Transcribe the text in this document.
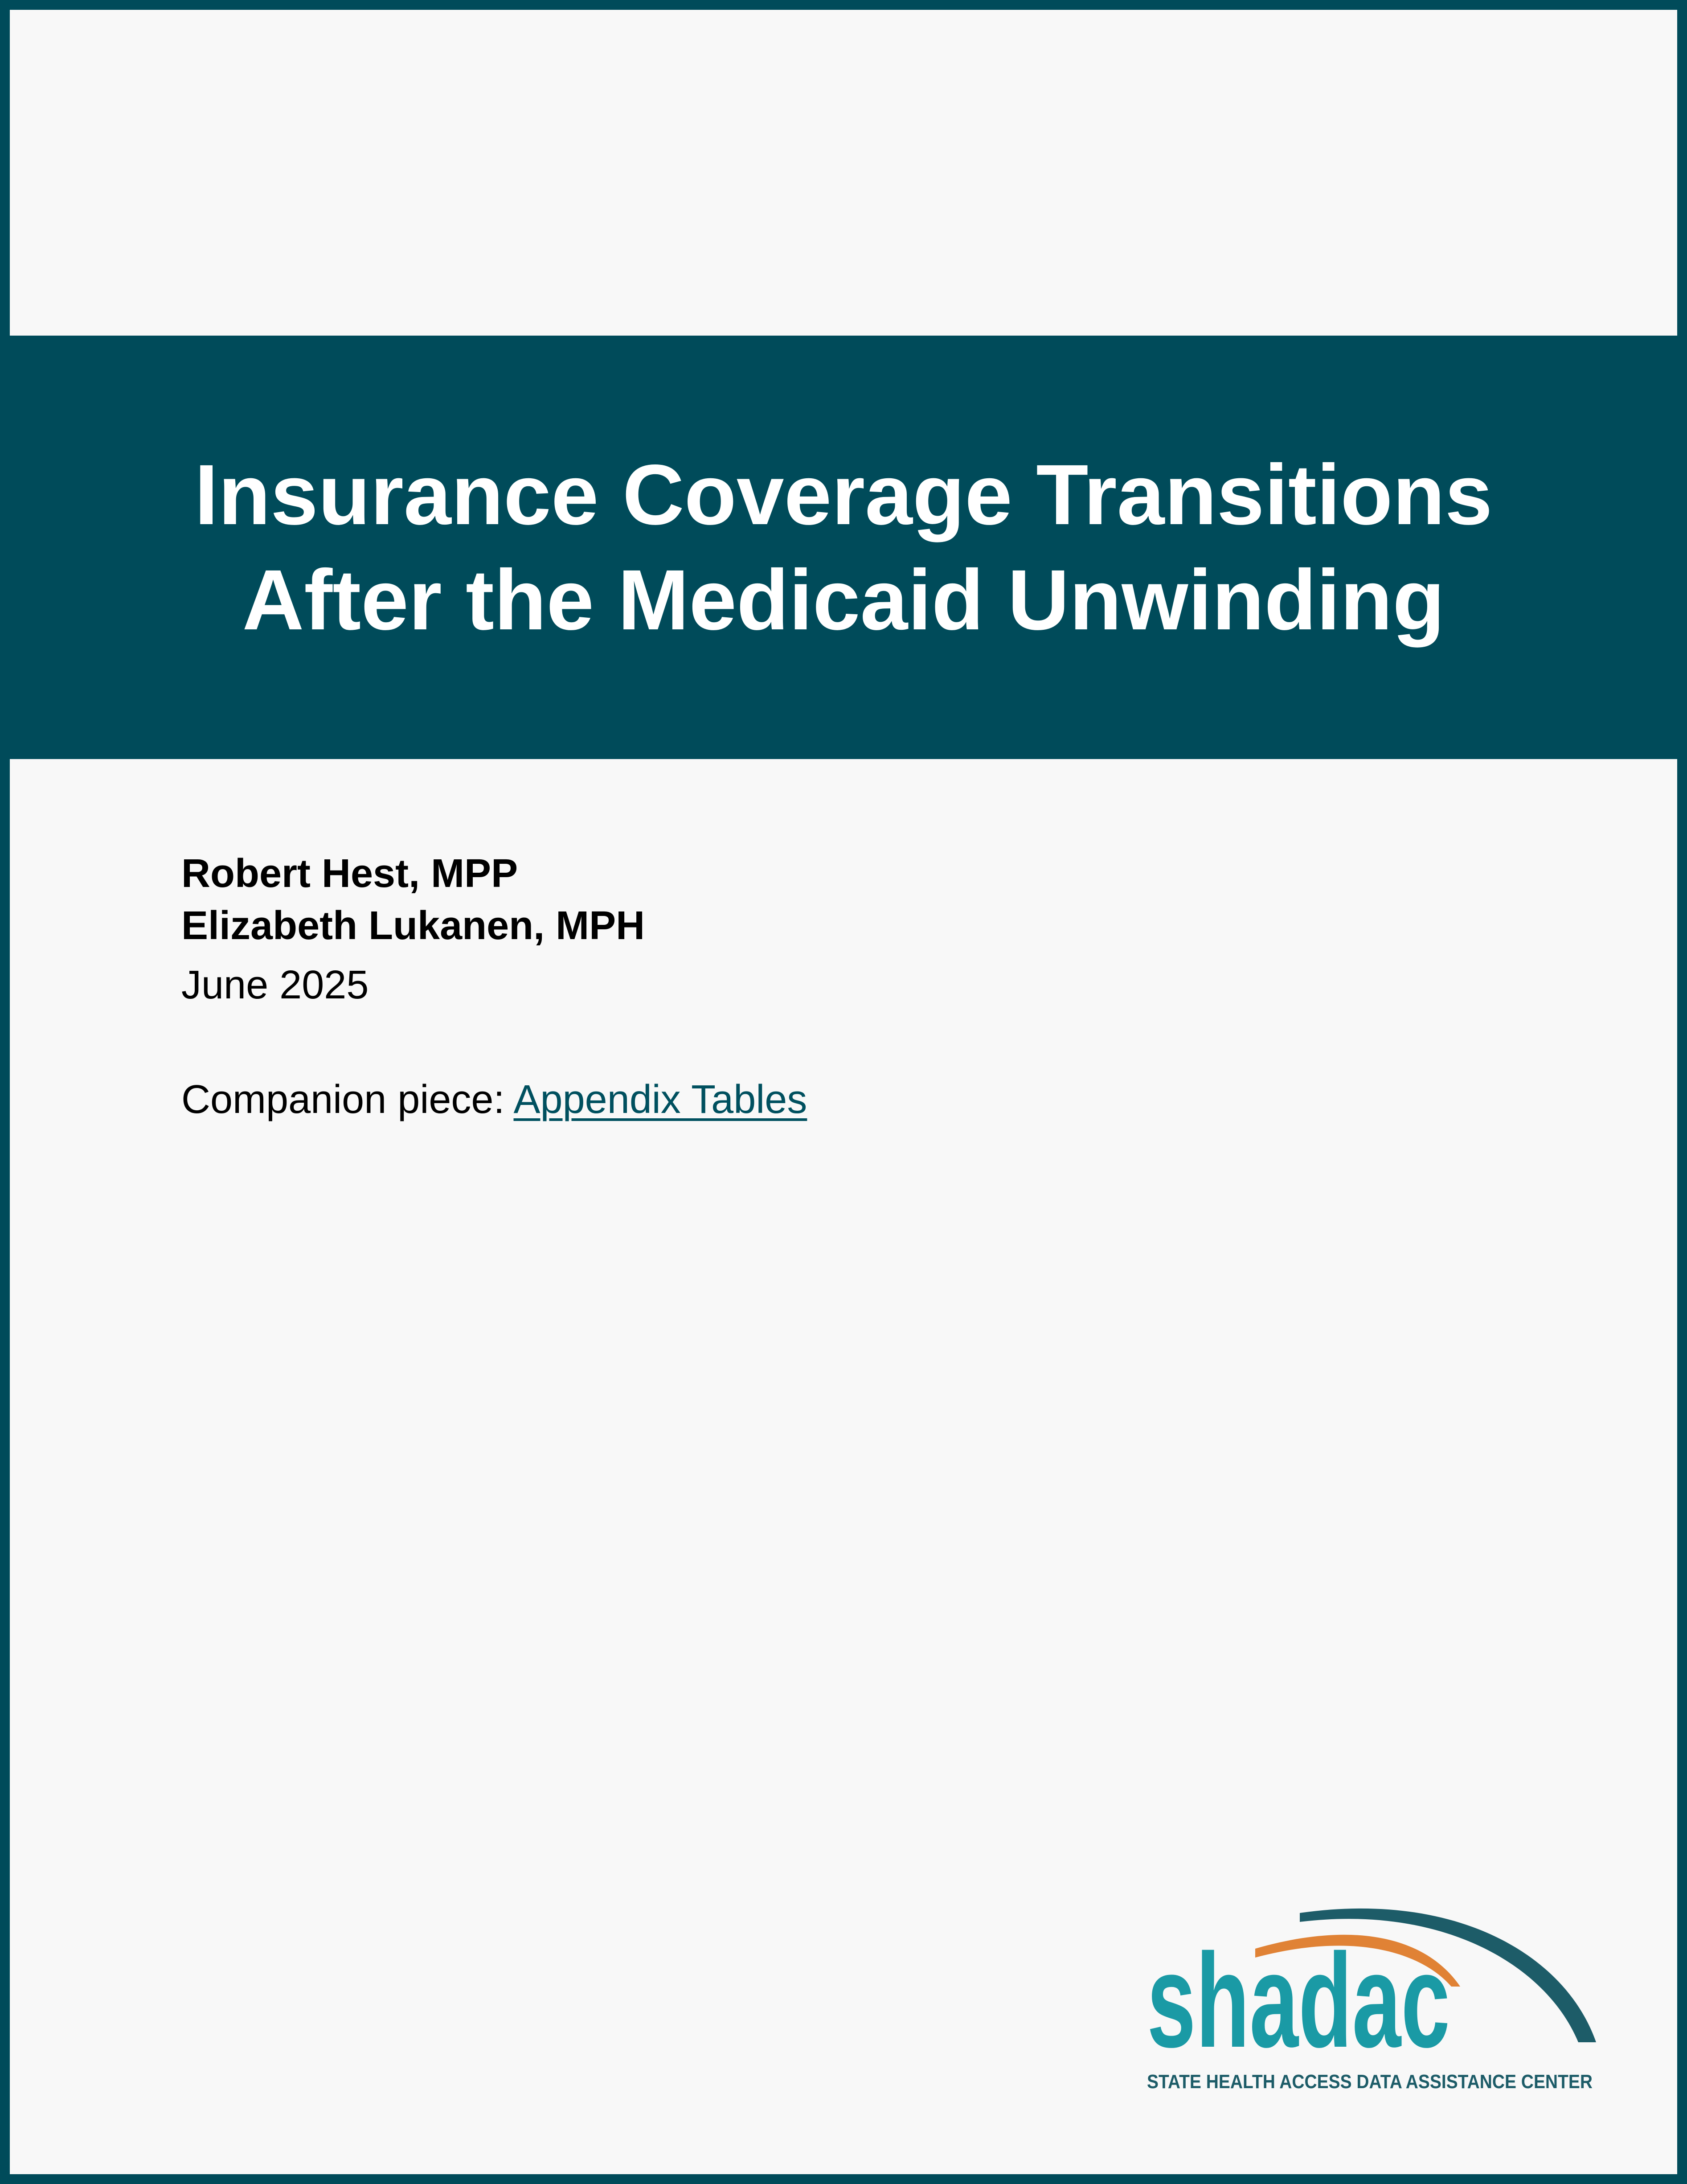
Insurance Coverage Transitions
After the Medicaid Unwinding
Robert Hest, MPP
Elizabeth Lukanen, MPH
June 2025
Companion piece: Appendix Tables
shadac
STATE HEALTH ACCESS DATA ASSISTANCE CENTER
